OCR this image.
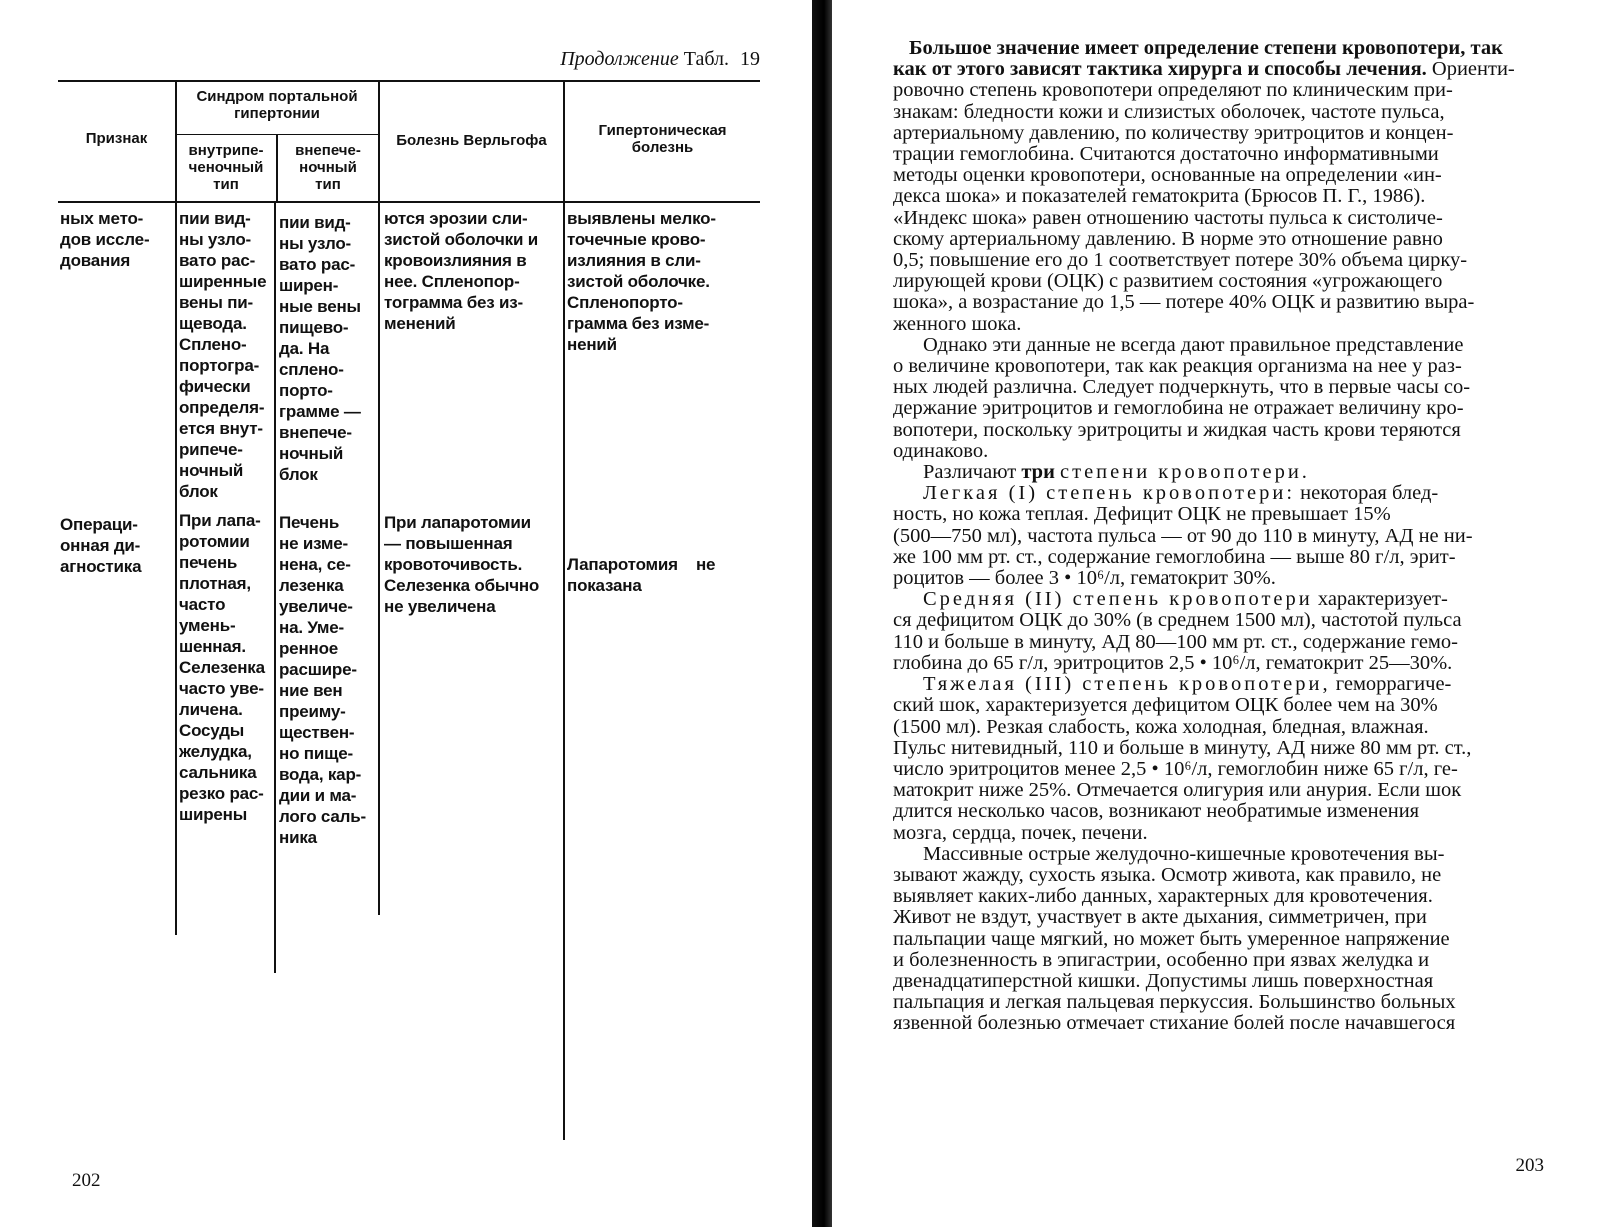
Продолжение Табл. 19
Признак
Синдром портальной
гипертонии
внутрипе-
ченочный
тип
внепече-
ночный
тип
Болезнь Верльгофа
Гипертоническая
болезнь
ных мето-
дов иссле-
дования
пии вид-
ны узло-
вато рас-
ширенные
вены пи-
щевода.
Сплено-
портогра-
фически
определя-
ется внут-
рипече-
ночный
блок
пии вид-
ны узло-
вато рас-
ширен-
ные вены
пищево-
да. На
сплено-
порто-
грамме —
внепече-
ночный
блок
ются эрозии сли-
зистой оболочки и
кровоизлияния в
нее. Спленопор-
тограмма без из-
менений
выявлены мелко-
точечные крово-
излияния в сли-
зистой оболочке.
Спленопорто-
грамма без изме-
нений
Операци-
онная ди-
агностика
При лапа-
ротомии
печень
плотная,
часто
умень-
шенная.
Селезенка
часто уве-
личена.
Сосуды
желудка,
сальника
резко рас-
ширены
Печень
не изме-
нена, се-
лезенка
увеличе-
на. Уме-
ренное
расшире-
ние вен
преиму-
ществен-
но пище-
вода, кар-
дии и ма-
лого саль-
ника
При лапаротомии
— повышенная
кровоточивость.
Селезенка обычно
не увеличена

Лапаротомия    не
показана

202
Большое значение имеет определение степени кровопотери, так
как от этого зависят тактика хирурга и способы лечения. Ориенти-
ровочно степень кровопотери определяют по клиническим при-
знакам: бледности кожи и слизистых оболочек, частоте пульса,
артериальному давлению, по количеству эритроцитов и концен-
трации гемоглобина. Считаются достаточно информативными
методы оценки кровопотери, основанные на определении «ин-
декса шока» и показателей гематокрита (Брюсов П. Г., 1986).
«Индекс шока» равен отношению частоты пульса к систоличе-
скому артериальному давлению. В норме это отношение равно
0,5; повышение его до 1 соответствует потере 30% объема цирку-
лирующей крови (ОЦК) с развитием состояния «угрожающего
шока», а возрастание до 1,5 — потере 40% ОЦК и развитию выра-
женного шока.
Однако эти данные не всегда дают правильное представление
о величине кровопотери, так как реакция организма на нее у раз-
ных людей различна. Следует подчеркнуть, что в первые часы со-
держание эритроцитов и гемоглобина не отражает величину кро-
вопотери, поскольку эритроциты и жидкая часть крови теряются
одинаково.
Различают три степени кровопотери.
Легкая (I) степень кровопотери: некоторая блед-
ность, но кожа теплая. Дефицит ОЦК не превышает 15%
(500—750 мл), частота пульса — от 90 до 110 в минуту, АД не ни-
же 100 мм рт. ст., содержание гемоглобина — выше 80 г/л, эрит-
роцитов — более 3 • 10⁶/л, гематокрит 30%.
Средняя (II) степень кровопотери характеризует-
ся дефицитом ОЦК до 30% (в среднем 1500 мл), частотой пульса
110 и больше в минуту, АД 80—100 мм рт. ст., содержание гемо-
глобина до 65 г/л, эритроцитов 2,5 • 10⁶/л, гематокрит 25—30%.
Тяжелая (III) степень кровопотери, геморрагиче-
ский шок, характеризуется дефицитом ОЦК более чем на 30%
(1500 мл). Резкая слабость, кожа холодная, бледная, влажная.
Пульс нитевидный, 110 и больше в минуту, АД ниже 80 мм рт. ст.,
число эритроцитов менее 2,5 • 10⁶/л, гемоглобин ниже 65 г/л, ге-
матокрит ниже 25%. Отмечается олигурия или анурия. Если шок
длится несколько часов, возникают необратимые изменения
мозга, сердца, почек, печени.
Массивные острые желудочно-кишечные кровотечения вы-
зывают жажду, сухость языка. Осмотр живота, как правило, не
выявляет каких-либо данных, характерных для кровотечения.
Живот не вздут, участвует в акте дыхания, симметричен, при
пальпации чаще мягкий, но может быть умеренное напряжение
и болезненность в эпигастрии, особенно при язвах желудка и
двенадцатиперстной кишки. Допустимы лишь поверхностная
пальпация и легкая пальцевая перкуссия. Большинство больных
язвенной болезнью отмечает стихание болей после начавшегося
203
